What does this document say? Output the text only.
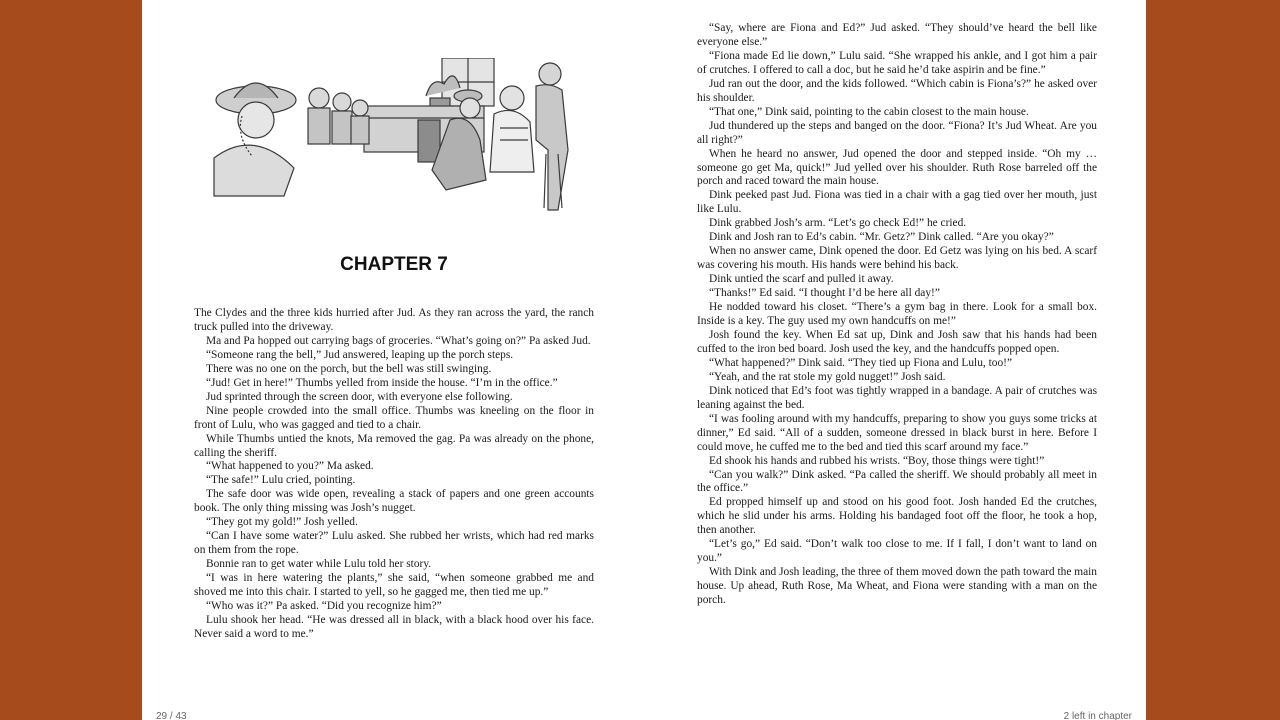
CHAPTER 7

The Clydes and the three kids hurried after Jud. As they ran across the yard, the ranch truck pulled into the driveway.

Ma and Pa hopped out carrying bags of groceries. “What’s going on?” Pa asked Jud.

“Someone rang the bell,” Jud answered, leaping up the porch steps.

There was no one on the porch, but the bell was still swinging.

“Jud! Get in here!” Thumbs yelled from inside the house. “I’m in the office.”

Jud sprinted through the screen door, with everyone else following.

Nine people crowded into the small office. Thumbs was kneeling on the floor in front of Lulu, who was gagged and tied to a chair.

While Thumbs untied the knots, Ma removed the gag. Pa was already on the phone, calling the sheriff.

“What happened to you?” Ma asked.

“The safe!” Lulu cried, pointing.

The safe door was wide open, revealing a stack of papers and one green accounts book. The only thing missing was Josh’s nugget.

“They got my gold!” Josh yelled.

“Can I have some water?” Lulu asked. She rubbed her wrists, which had red marks on them from the rope.

Bonnie ran to get water while Lulu told her story.

“I was in here watering the plants,” she said, “when someone grabbed me and shoved me into this chair. I started to yell, so he gagged me, then tied me up.”

“Who was it?” Pa asked. “Did you recognize him?”

Lulu shook her head. “He was dressed all in black, with a black hood over his face. Never said a word to me.”

“Say, where are Fiona and Ed?” Jud asked. “They should’ve heard the bell like everyone else.”

“Fiona made Ed lie down,” Lulu said. “She wrapped his ankle, and I got him a pair of crutches. I offered to call a doc, but he said he’d take aspirin and be fine.”

Jud ran out the door, and the kids followed. “Which cabin is Fiona’s?” he asked over his shoulder.

“That one,” Dink said, pointing to the cabin closest to the main house.

Jud thundered up the steps and banged on the door. “Fiona? It’s Jud Wheat. Are you all right?”

When he heard no answer, Jud opened the door and stepped inside. “Oh my … someone go get Ma, quick!” Jud yelled over his shoulder. Ruth Rose barreled off the porch and raced toward the main house.

Dink peeked past Jud. Fiona was tied in a chair with a gag tied over her mouth, just like Lulu.

Dink grabbed Josh’s arm. “Let’s go check Ed!” he cried.

Dink and Josh ran to Ed’s cabin. “Mr. Getz?” Dink called. “Are you okay?”

When no answer came, Dink opened the door. Ed Getz was lying on his bed. A scarf was covering his mouth. His hands were behind his back.

Dink untied the scarf and pulled it away.

“Thanks!” Ed said. “I thought I’d be here all day!”

He nodded toward his closet. “There’s a gym bag in there. Look for a small box. Inside is a key. The guy used my own handcuffs on me!”

Josh found the key. When Ed sat up, Dink and Josh saw that his hands had been cuffed to the iron bed board. Josh used the key, and the handcuffs popped open.

“What happened?” Dink said. “They tied up Fiona and Lulu, too!”

“Yeah, and the rat stole my gold nugget!” Josh said.

Dink noticed that Ed’s foot was tightly wrapped in a bandage. A pair of crutches was leaning against the bed.

“I was fooling around with my handcuffs, preparing to show you guys some tricks at dinner,” Ed said. “All of a sudden, someone dressed in black burst in here. Before I could move, he cuffed me to the bed and tied this scarf around my face.”

Ed shook his hands and rubbed his wrists. “Boy, those things were tight!”

“Can you walk?” Dink asked. “Pa called the sheriff. We should probably all meet in the office.”

Ed propped himself up and stood on his good foot. Josh handed Ed the crutches, which he slid under his arms. Holding his bandaged foot off the floor, he took a hop, then another.

“Let’s go,” Ed said. “Don’t walk too close to me. If I fall, I don’t want to land on you.”

With Dink and Josh leading, the three of them moved down the path toward the main house. Up ahead, Ruth Rose, Ma Wheat, and Fiona were standing with a man on the porch.

29 / 43	2 left in chapter
